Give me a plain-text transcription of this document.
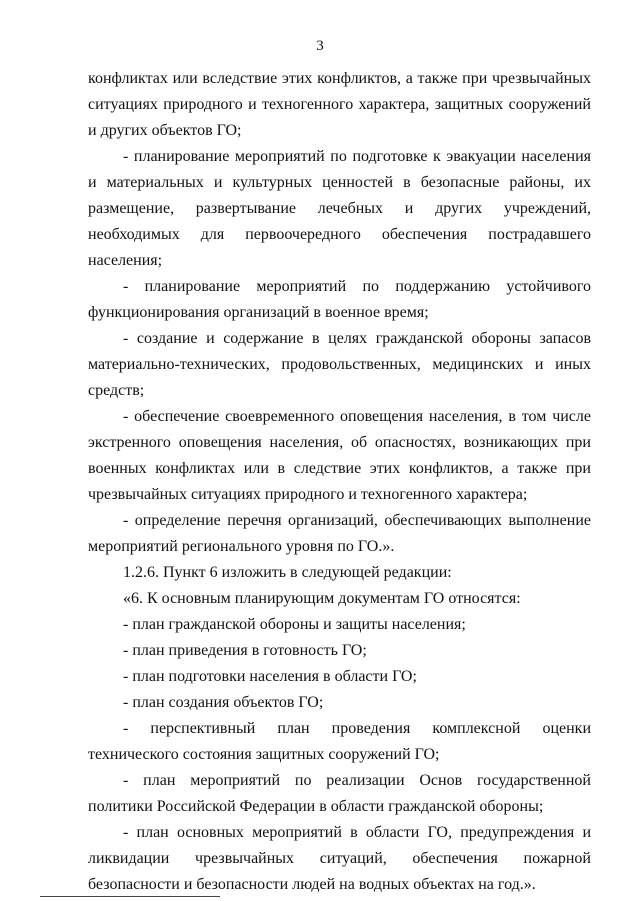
3

конфликтах или вследствие этих конфликтов, а также при чрезвычайных ситуациях природного и техногенного характера, защитных сооружений и других объектов ГО;

- планирование мероприятий по подготовке к эвакуации населения и материальных и культурных ценностей в безопасные районы, их размещение, развертывание лечебных и других учреждений, необходимых для первоочередного обеспечения пострадавшего населения;

- планирование мероприятий по поддержанию устойчивого функционирования организаций в военное время;

- создание и содержание в целях гражданской обороны запасов материально-технических, продовольственных, медицинских и иных средств;

- обеспечение своевременного оповещения населения, в том числе экстренного оповещения населения, об опасностях, возникающих при военных конфликтах или в следствие этих конфликтов, а также при чрезвычайных ситуациях природного и техногенного характера;

- определение перечня организаций, обеспечивающих выполнение мероприятий регионального уровня по ГО.».

1.2.6. Пункт 6 изложить в следующей редакции:

«6. К основным планирующим документам ГО относятся:

- план гражданской обороны и защиты населения;

- план приведения в готовность ГО;

- план подготовки населения в области ГО;

- план создания объектов ГО;

- перспективный план проведения комплексной оценки технического состояния защитных сооружений ГО;

- план мероприятий по реализации Основ государственной политики Российской Федерации в области гражданской обороны;

- план основных мероприятий в области ГО, предупреждения и ликвидации чрезвычайных ситуаций, обеспечения пожарной безопасности и безопасности людей на водных объектах на год.».
